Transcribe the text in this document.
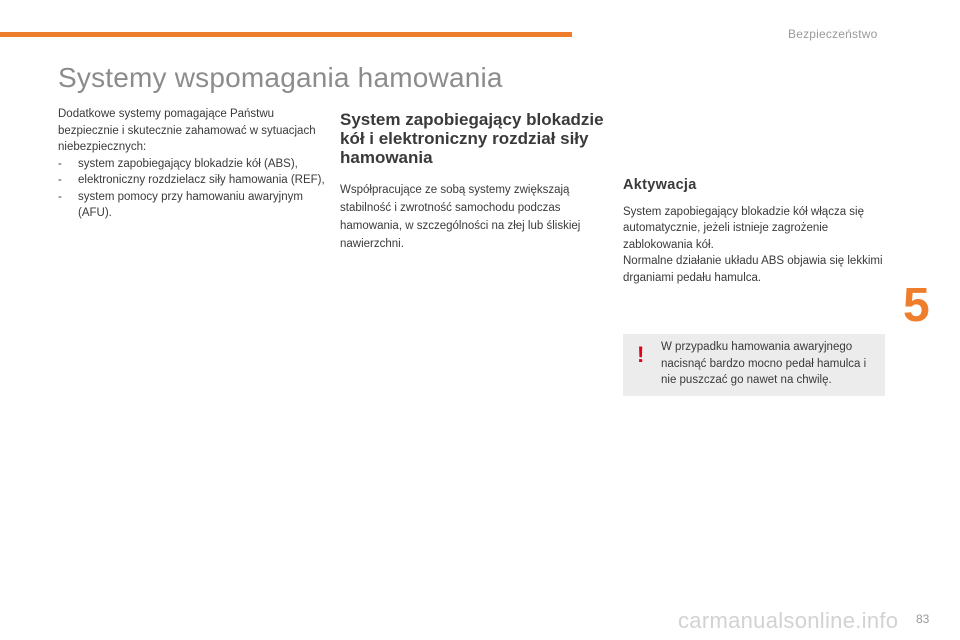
Bezpieczeństwo
Systemy wspomagania hamowania

Dodatkowe systemy pomagające Państwu bezpiecznie i skutecznie zahamować w sytuacjach niebezpiecznych:

- system zapobiegający blokadzie kół (ABS),
- elektroniczny rozdzielacz siły hamowania (REF),
- system pomocy przy hamowaniu awaryjnym (AFU).
System zapobiegający blokadzie kół i elektroniczny rozdział siły hamowania

Współpracujące ze sobą systemy zwiększają stabilność i zwrotność samochodu podczas hamowania, w szczególności na złej lub śliskiej nawierzchni.

Aktywacja

System zapobiegający blokadzie kół włącza się automatycznie, jeżeli istnieje zagrożenie zablokowania kół.

Normalne działanie układu ABS objawia się lekkimi drganiami pedału hamulca.

! W przypadku hamowania awaryjnego nacisnąć bardzo mocno pedał hamulca i nie puszczać go nawet na chwilę.
5
carmanualsonline.info 83
